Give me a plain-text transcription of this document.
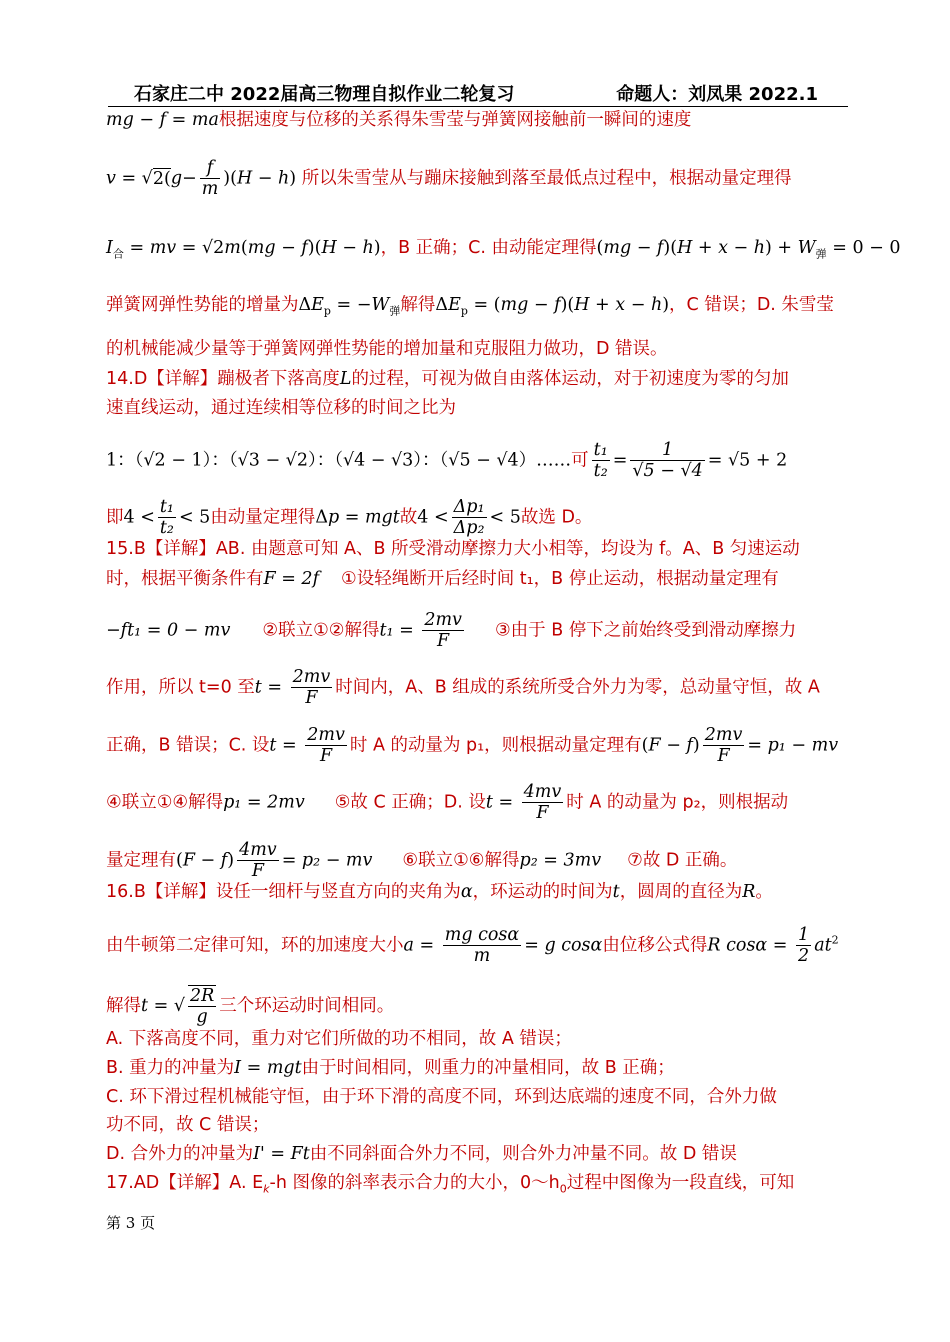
石家庄二中 2022届高三物理自拟作业二轮复习	命题人：刘凤果 2022.1
mg − f = ma根据速度与位移的关系得朱雪莹与弹簧网接触前一瞬间的速度
$v = √2(g- \frac{f}{m} )(H - h)$ 所以朱雪莹从与蹦床接触到落至最低点过程中，根据动量定理得
$I_合$ = mv = √2m(mg − f)(H − h)，B 正确；C. 由动能定理得$(mg - f)(H + x - h) + W_弹 = 0 - 0$
弹簧网弹性势能的增量为$\Delta E_p = -W_弹$解得$\Delta E_p = (mg - f)(H + x - h)$，C 错误；D. 朱雪莹
的机械能减少量等于弹簧网弹性势能的增加量和克服阻力做功，D 错误。
14.D【详解】蹦极者下落高度L的过程，可视为做自由落体运动，对于初速度为零的匀加
速直线运动，通过连续相等位移的时间之比为
1：（√2 − 1）：（√3 − √2）：（√4 − √3）：（√5 − √4）……可 $\frac{\text{t₁}}{\text{t₂}} = \frac{1}{√5 - √4} = √5 + 2$
即$4 < \frac{\text{t₁}}{\text{t₂}} < 5$由动量定理得Δp = mgt故$4 < \frac{\text{Δp₁}}{\text{Δp₂}} < 5$故选 D。
15.B【详解】AB. 由题意可知 A、B 所受滑动摩擦力大小相等，均设为 f。A、B 匀速运动
时，根据平衡条件有F = 2f ①设轻绳断开后经时间 t₁，B 停止运动，根据动量定理有
−ft₁ = 0 − mv ②联立①②解得$t_1 = \frac{2mv}{F}$ ③由于 B 停下之前始终受到滑动摩擦力
作用，所以 t=0 至$t = \frac{2mv}{F}$ 时间内，A、B 组成的系统所受合外力为零，总动量守恒，故 A
正确，B 错误；C. 设$t = \frac{2mv}{F}$ 时 A 的动量为 p₁，则根据动量定理有$(F - f) \frac{2mv}{F} = p_1$ − mv
④联立①④解得p₁ = 2mv ⑤故 C 正确；D. 设$t = \frac{4mv}{F}$ 时 A 的动量为 p₂，则根据动
量定理有$(F - f) \frac{4mv}{F} = p_2$ − mv ⑥联立①⑥解得p₂ = 3mv ⑦故 D 正确。
16.B【详解】设任一细杆与竖直方向的夹角为α，环运动的时间为t，圆周的直径为R。
由牛顿第二定律可知，环的加速度大小$a = \frac{\text{mg cosα}}{m} = g$ cosα由位移公式得R $\cos\alpha = \frac{1}{2} at^2$
解得t = √ $\frac{2R}{g}$ 三个环运动时间相同。
A. 下落高度不同，重力对它们所做的功不相同，故 A 错误；
B. 重力的冲量为I = mgt由于时间相同，则重力的冲量相同，故 B 正确；
C. 环下滑过程机械能守恒，由于环下滑的高度不同，环到达底端的速度不同，合外力做
功不同，故 C 错误；
D. 合外力的冲量为I' = Ft由不同斜面合外力不同，则合外力冲量不同。故 D 错误
17.AD【详解】A. $E_k-h$ 图像的斜率表示合力的大小，$0\sim h_0$过程中图像为一段直线，可知
第 3 页
